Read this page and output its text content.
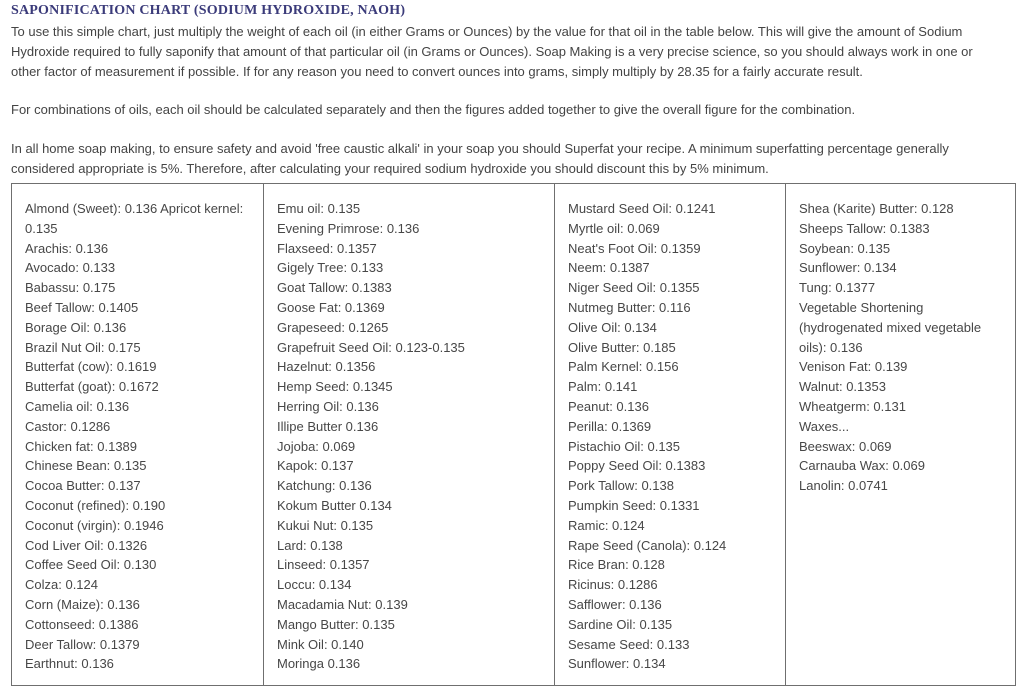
SAPONIFICATION CHART (SODIUM HYDROXIDE, NAOH)

To use this simple chart, just multiply the weight of each oil (in either Grams or Ounces) by the value for that oil in the table below. This will give the amount of Sodium Hydroxide required to fully saponify that amount of that particular oil (in Grams or Ounces). Soap Making is a very precise science, so you should always work in one or other factor of measurement if possible. If for any reason you need to convert ounces into grams, simply multiply by 28.35 for a fairly accurate result.

For combinations of oils, each oil should be calculated separately and then the figures added together to give the overall figure for the combination.

In all home soap making, to ensure safety and avoid 'free caustic alkali' in your soap you should Superfat your recipe. A minimum superfatting percentage generally considered appropriate is 5%. Therefore, after calculating your required sodium hydroxide you should discount this by 5% minimum.

Almond (Sweet): 0.136 Apricot kernel: 0.135
Arachis: 0.136
Avocado: 0.133
Babassu: 0.175
Beef Tallow: 0.1405
Borage Oil: 0.136
Brazil Nut Oil: 0.175
Butterfat (cow): 0.1619
Butterfat (goat): 0.1672
Camelia oil: 0.136
Castor: 0.1286
Chicken fat: 0.1389
Chinese Bean: 0.135
Cocoa Butter: 0.137
Coconut (refined): 0.190
Coconut (virgin): 0.1946
Cod Liver Oil: 0.1326
Coffee Seed Oil: 0.130
Colza: 0.124
Corn (Maize): 0.136
Cottonseed: 0.1386
Deer Tallow: 0.1379
Earthnut: 0.136
Emu oil: 0.135
Evening Primrose: 0.136
Flaxseed: 0.1357
Gigely Tree: 0.133
Goat Tallow: 0.1383
Goose Fat: 0.1369
Grapeseed: 0.1265
Grapefruit Seed Oil: 0.123-0.135
Hazelnut: 0.1356
Hemp Seed: 0.1345
Herring Oil: 0.136
Illipe Butter 0.136
Jojoba: 0.069
Kapok: 0.137
Katchung: 0.136
Kokum Butter 0.134
Kukui Nut: 0.135
Lard: 0.138
Linseed: 0.1357
Loccu: 0.134
Macadamia Nut: 0.139
Mango Butter: 0.135
Mink Oil: 0.140
Moringa 0.136
Mustard Seed Oil: 0.1241
Myrtle oil: 0.069
Neat's Foot Oil: 0.1359
Neem: 0.1387
Niger Seed Oil: 0.1355
Nutmeg Butter: 0.116
Olive Oil: 0.134
Olive Butter: 0.185
Palm Kernel: 0.156
Palm: 0.141
Peanut: 0.136
Perilla: 0.1369
Pistachio Oil: 0.135
Poppy Seed Oil: 0.1383
Pork Tallow: 0.138
Pumpkin Seed: 0.1331
Ramic: 0.124
Rape Seed (Canola): 0.124
Rice Bran: 0.128
Ricinus: 0.1286
Safflower: 0.136
Sardine Oil: 0.135
Sesame Seed: 0.133
Sunflower: 0.134
Shea (Karite) Butter: 0.128
Sheeps Tallow: 0.1383
Soybean: 0.135
Sunflower: 0.134
Tung: 0.1377
Vegetable Shortening (hydrogenated mixed vegetable oils): 0.136
Venison Fat: 0.139
Walnut: 0.1353
Wheatgerm: 0.131
Waxes...
Beeswax: 0.069
Carnauba Wax: 0.069
Lanolin: 0.0741
